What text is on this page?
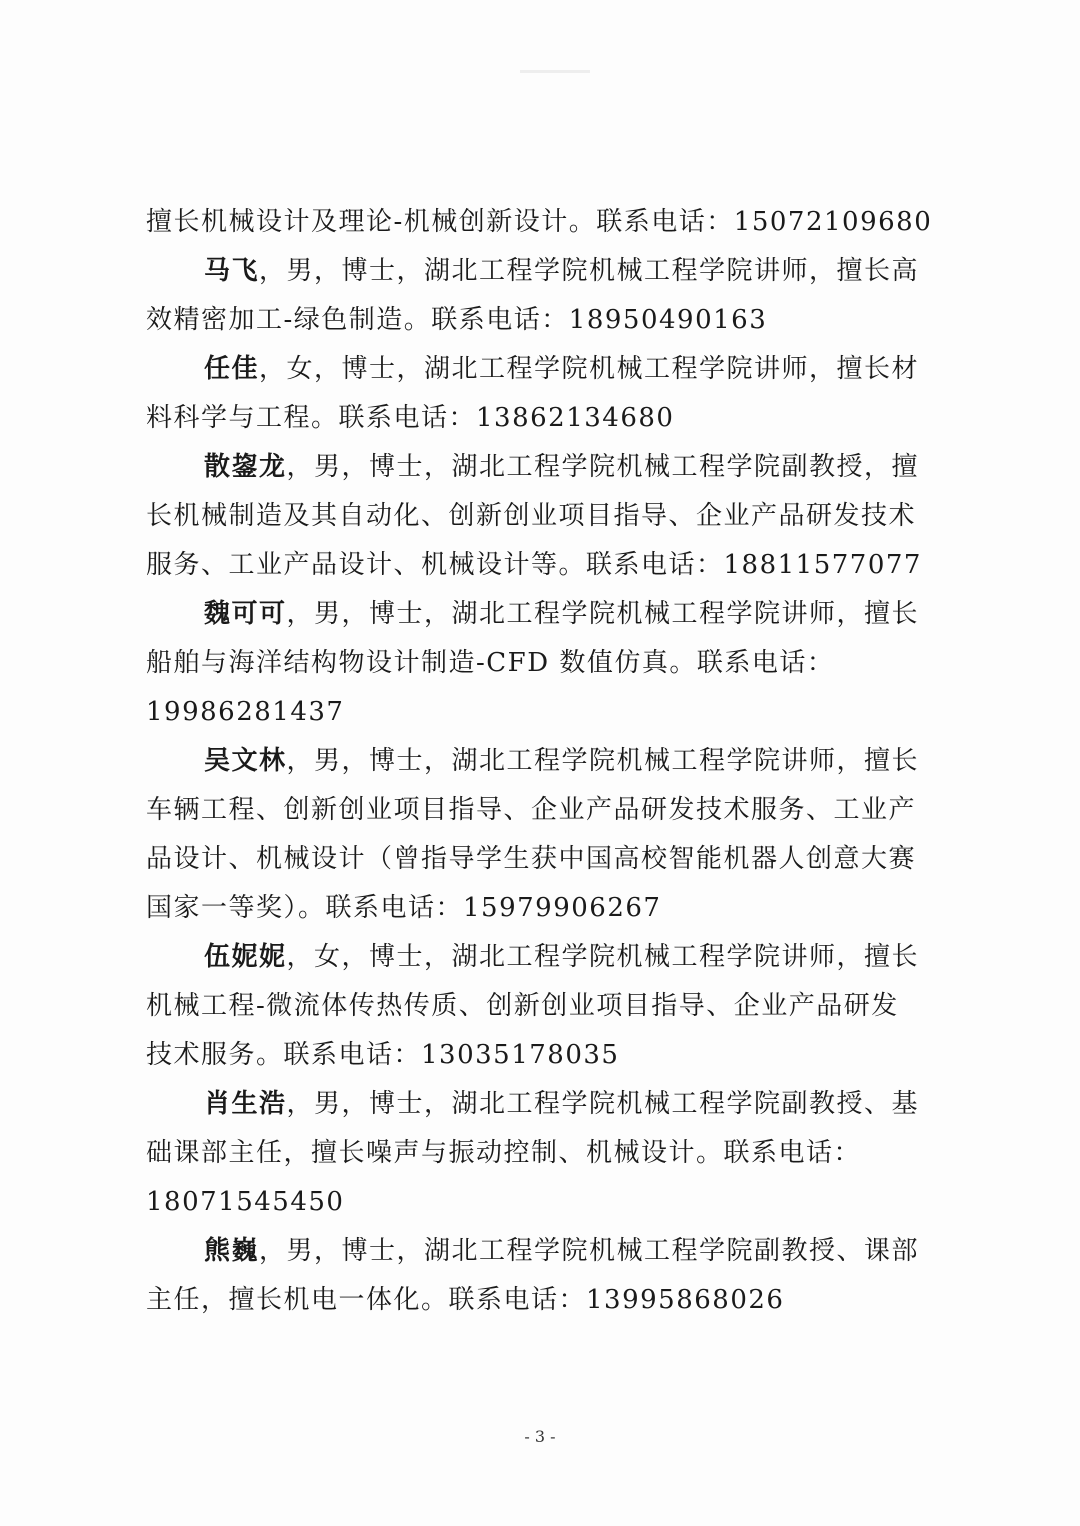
擅长机械设计及理论-机械创新设计。联系电话：15072109680
马飞，男，博士，湖北工程学院机械工程学院讲师，擅长高
效精密加工-绿色制造。联系电话：18950490163
任佳，女，博士，湖北工程学院机械工程学院讲师，擅长材
料科学与工程。联系电话：13862134680
散鋆龙，男，博士，湖北工程学院机械工程学院副教授，擅
长机械制造及其自动化、创新创业项目指导、企业产品研发技术
服务、工业产品设计、机械设计等。联系电话：18811577077
魏可可，男，博士，湖北工程学院机械工程学院讲师，擅长
船舶与海洋结构物设计制造-CFD 数值仿真。联系电话：
19986281437
吴文林，男，博士，湖北工程学院机械工程学院讲师，擅长
车辆工程、创新创业项目指导、企业产品研发技术服务、工业产
品设计、机械设计（曾指导学生获中国高校智能机器人创意大赛
国家一等奖）。联系电话：15979906267
伍妮妮，女，博士，湖北工程学院机械工程学院讲师，擅长
机械工程-微流体传热传质、创新创业项目指导、企业产品研发
技术服务。联系电话：13035178035
肖生浩，男，博士，湖北工程学院机械工程学院副教授、基
础课部主任，擅长噪声与振动控制、机械设计。联系电话：
18071545450
熊巍，男，博士，湖北工程学院机械工程学院副教授、课部
主任，擅长机电一体化。联系电话：13995868026
- 3 -
